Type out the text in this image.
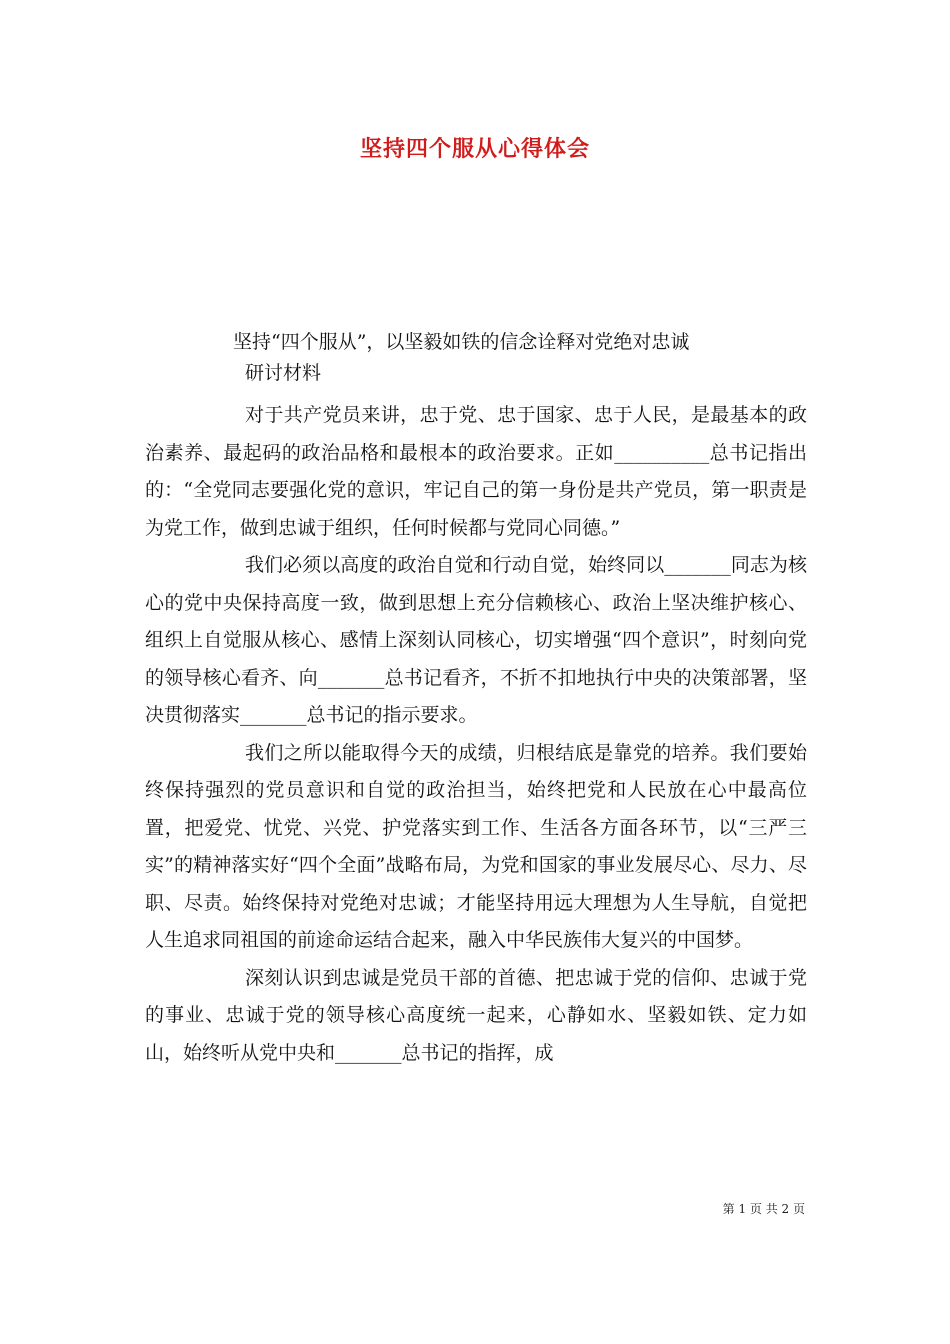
坚持四个服从心得体会
坚持“四个服从”，以坚毅如铁的信念诠释对党绝对忠诚
研讨材料

对于共产党员来讲，忠于党、忠于国家、忠于人民，是最基本的政治素养、最起码的政治品格和最根本的政治要求。正如__________总书记指出的：“全党同志要强化党的意识，牢记自己的第一身份是共产党员，第一职责是为党工作，做到忠诚于组织，任何时候都与党同心同德。”

我们必须以高度的政治自觉和行动自觉，始终同以_______同志为核心的党中央保持高度一致，做到思想上充分信赖核心、政治上坚决维护核心、组织上自觉服从核心、感情上深刻认同核心，切实增强“四个意识”，时刻向党的领导核心看齐、向_______总书记看齐，不折不扣地执行中央的决策部署，坚决贯彻落实_______总书记的指示要求。

我们之所以能取得今天的成绩，归根结底是靠党的培养。我们要始终保持强烈的党员意识和自觉的政治担当，始终把党和人民放在心中最高位置，把爱党、忧党、兴党、护党落实到工作、生活各方面各环节，以“三严三实”的精神落实好“四个全面”战略布局，为党和国家的事业发展尽心、尽力、尽职、尽责。始终保持对党绝对忠诚；才能坚持用远大理想为人生导航，自觉把人生追求同祖国的前途命运结合起来，融入中华民族伟大复兴的中国梦。

深刻认识到忠诚是党员干部的首德、把忠诚于党的信仰、忠诚于党的事业、忠诚于党的领导核心高度统一起来，心静如水、坚毅如铁、定力如山，始终听从党中央和_______总书记的指挥，成

第 1 页 共 2 页
